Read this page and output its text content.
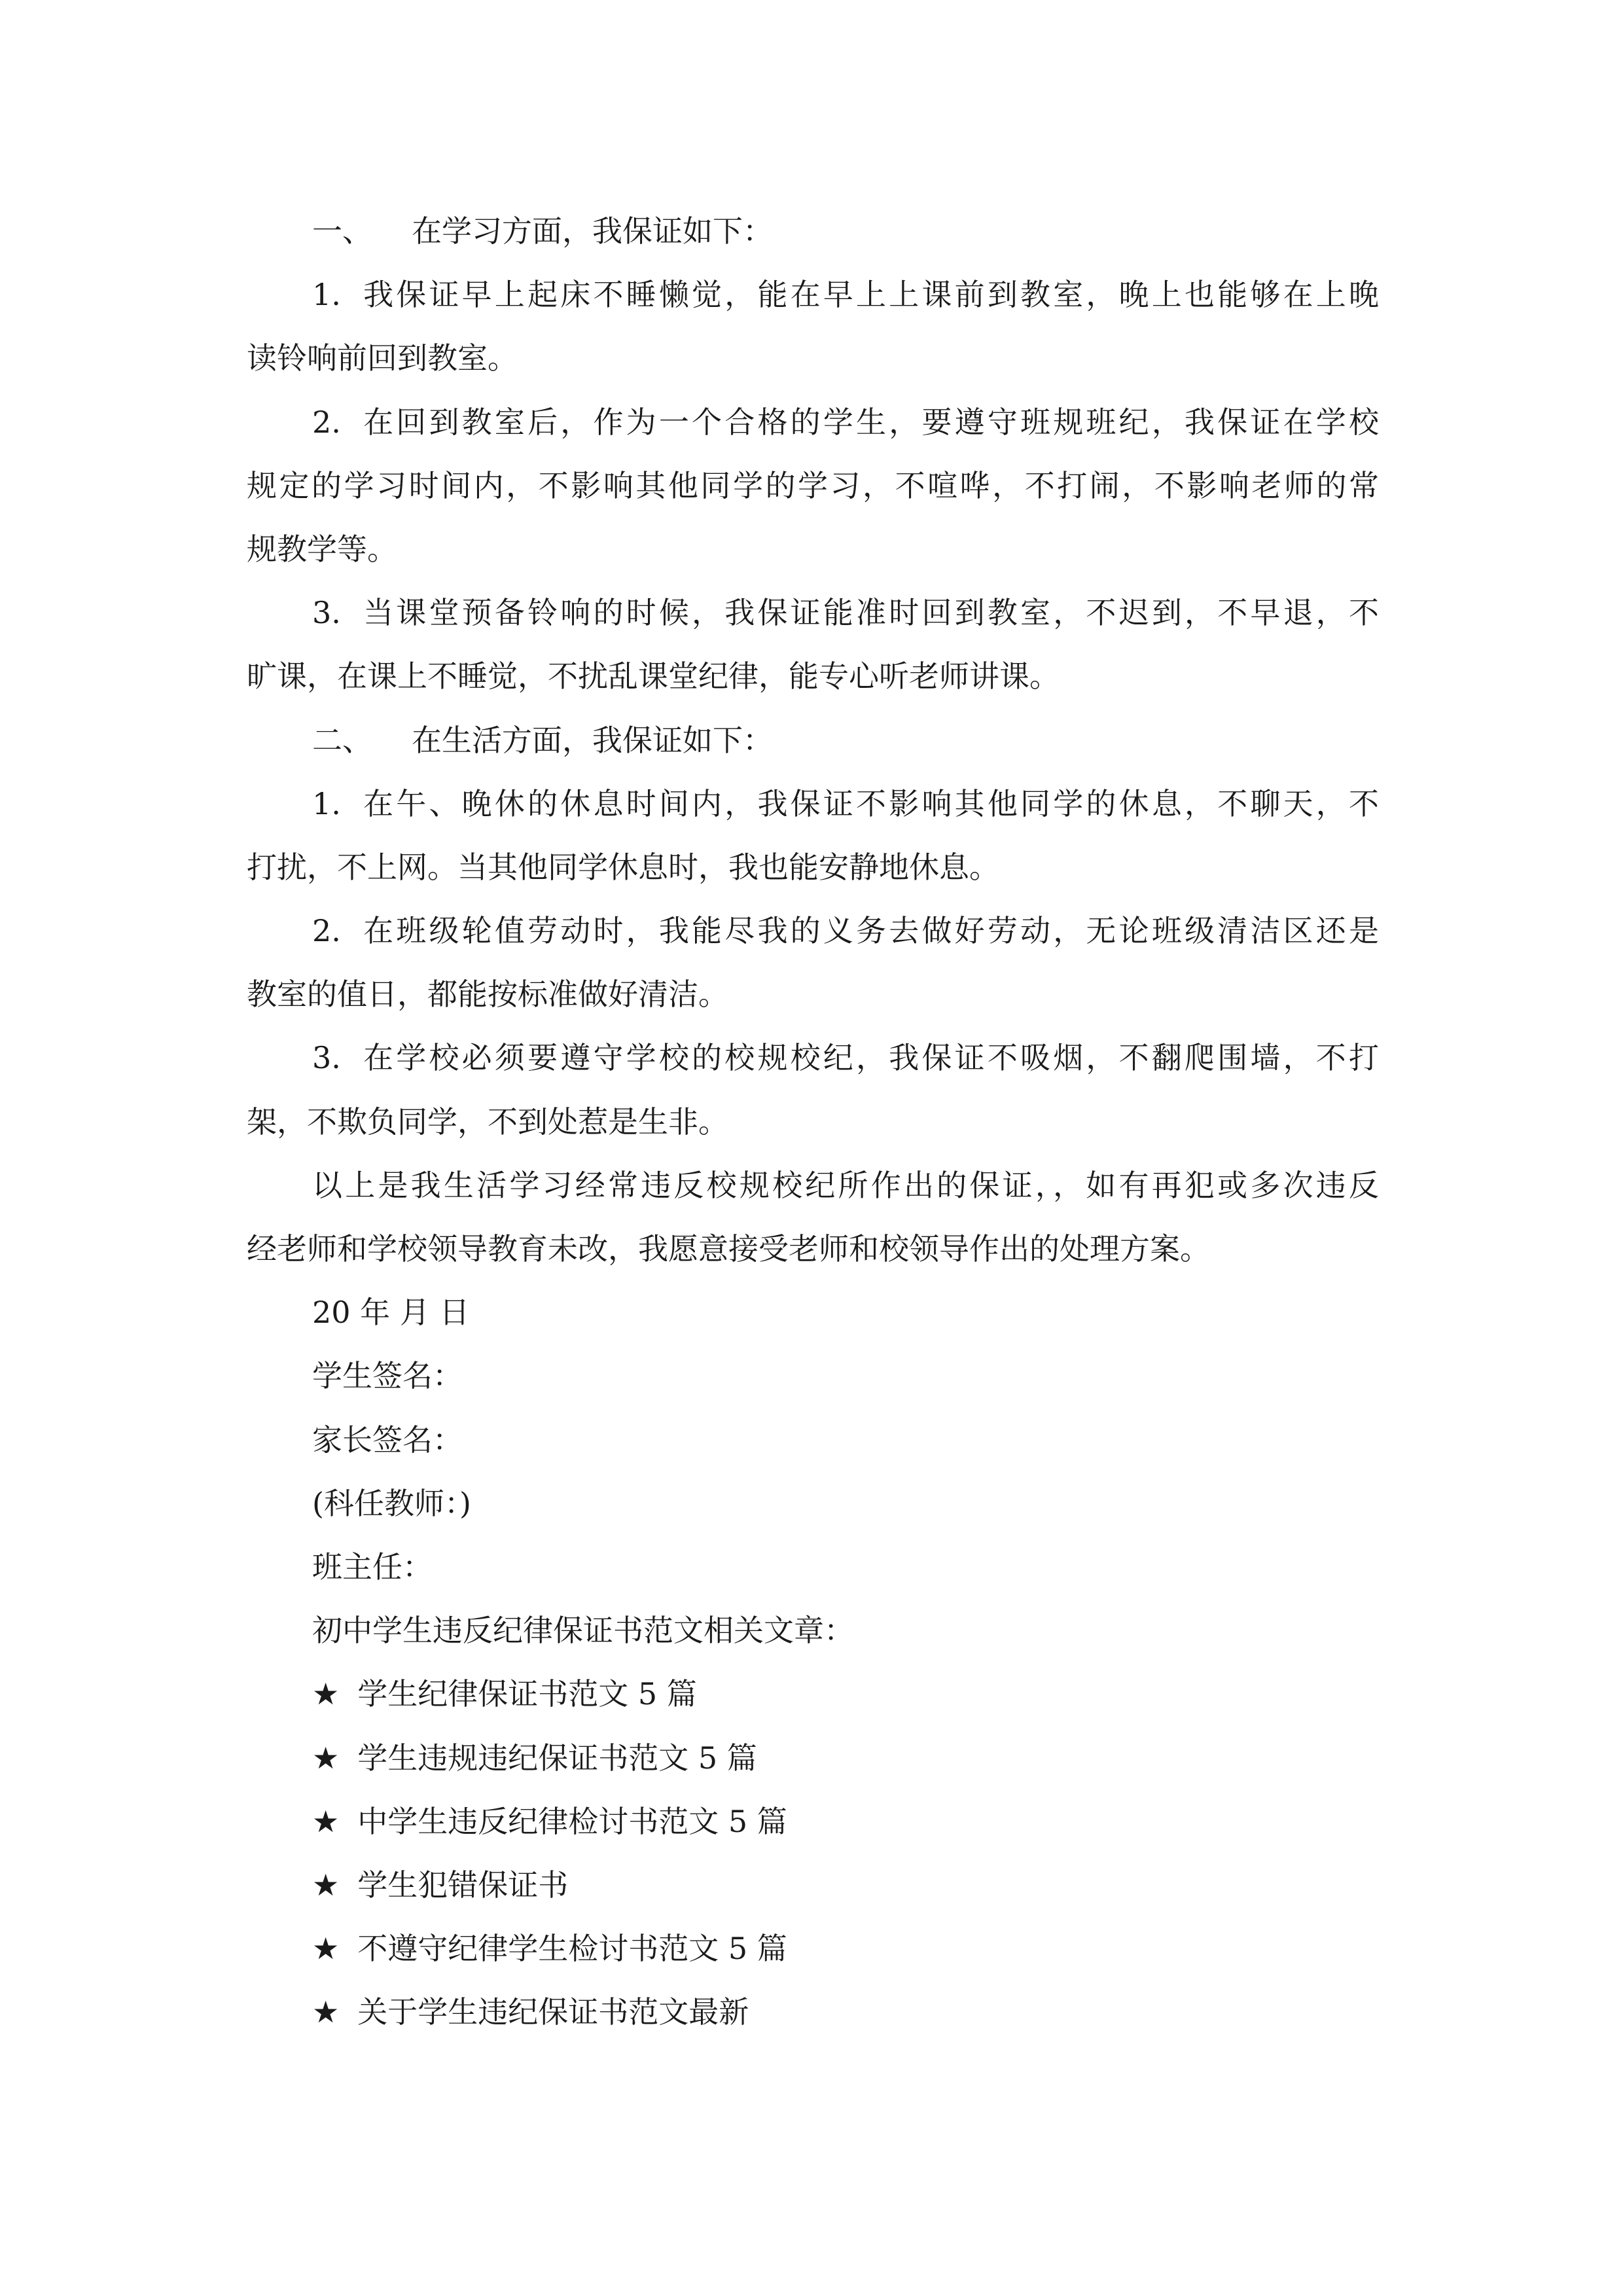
一、 在学习方面，我保证如下：
1. 我保证早上起床不睡懒觉，能在早上上课前到教室，晚上也能够在上晚
读铃响前回到教室。
2. 在回到教室后，作为一个合格的学生，要遵守班规班纪，我保证在学校
规定的学习时间内，不影响其他同学的学习，不喧哗，不打闹，不影响老师的常
规教学等。
3. 当课堂预备铃响的时候，我保证能准时回到教室，不迟到，不早退，不
旷课，在课上不睡觉，不扰乱课堂纪律，能专心听老师讲课。
二、 在生活方面，我保证如下：
1. 在午、晚休的休息时间内，我保证不影响其他同学的休息，不聊天，不
打扰，不上网。当其他同学休息时，我也能安静地休息。
2. 在班级轮值劳动时，我能尽我的义务去做好劳动，无论班级清洁区还是
教室的值日，都能按标准做好清洁。
3. 在学校必须要遵守学校的校规校纪，我保证不吸烟，不翻爬围墙，不打
架，不欺负同学，不到处惹是生非。
以上是我生活学习经常违反校规校纪所作出的保证，，如有再犯或多次违反
经老师和学校领导教育未改，我愿意接受老师和校领导作出的处理方案。
20 年 月 日
学生签名：
家长签名：
(科任教师：)
班主任：
初中学生违反纪律保证书范文相关文章：
★ 学生纪律保证书范文 5 篇
★ 学生违规违纪保证书范文 5 篇
★ 中学生违反纪律检讨书范文 5 篇
★ 学生犯错保证书
★ 不遵守纪律学生检讨书范文 5 篇
★ 关于学生违纪保证书范文最新
